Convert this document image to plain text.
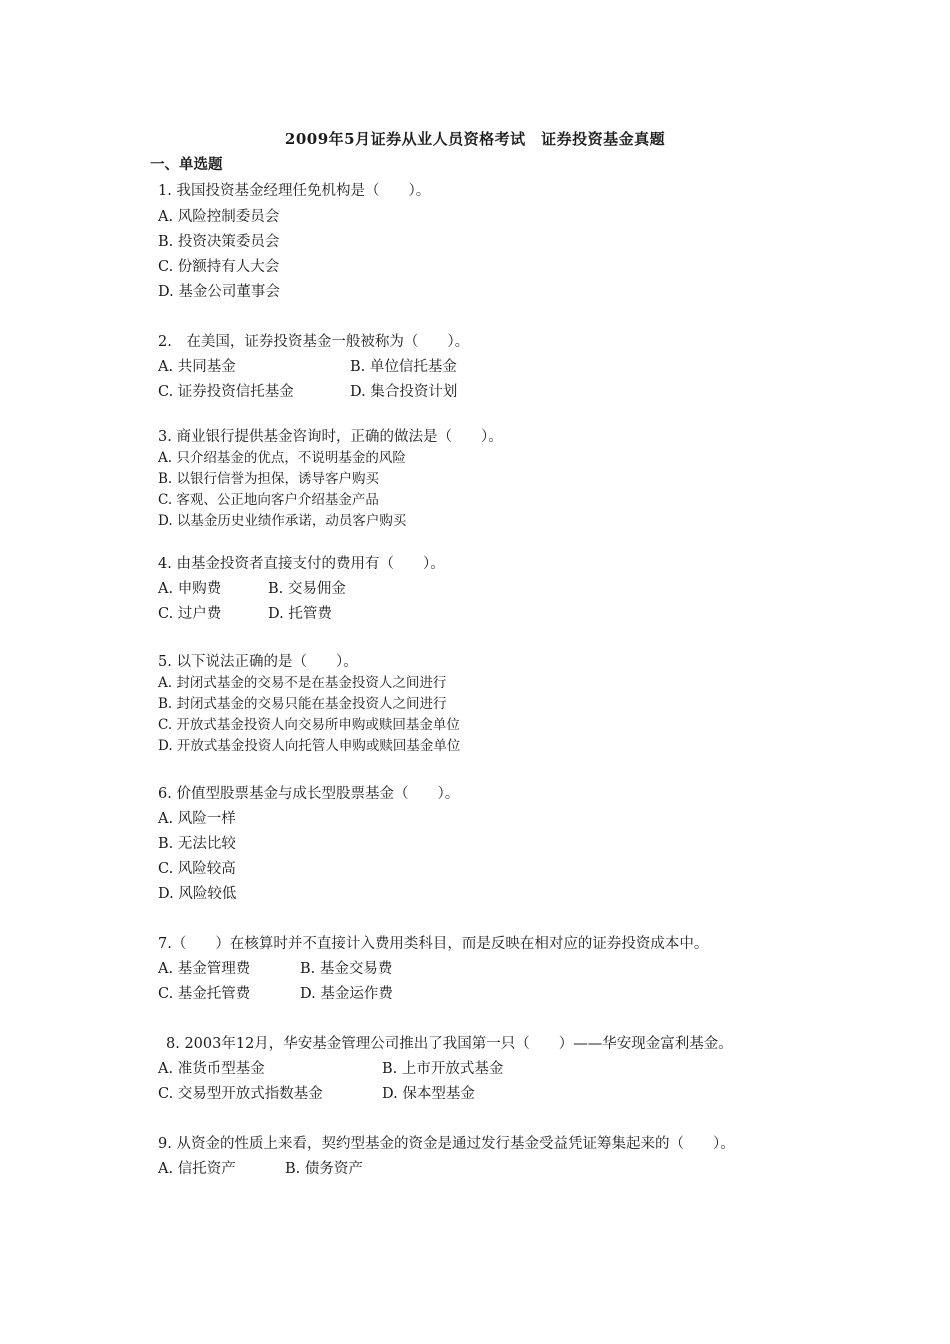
2009年5月证券从业人员资格考试　证券投资基金真题
一、单选题
1. 我国投资基金经理任免机构是（　　）。
A. 风险控制委员会
B. 投资决策委员会
C. 份额持有人大会
D. 基金公司董事会
2.　在美国，证券投资基金一般被称为（　　）。
A. 共同基金	B. 单位信托基金
C. 证券投资信托基金	D. 集合投资计划
3. 商业银行提供基金咨询时，正确的做法是（　　）。
A. 只介绍基金的优点，不说明基金的风险
B. 以银行信誉为担保，诱导客户购买
C. 客观、公正地向客户介绍基金产品
D. 以基金历史业绩作承诺，动员客户购买
4. 由基金投资者直接支付的费用有（　　）。
A. 申购费	B. 交易佣金
C. 过户费	D. 托管费
5. 以下说法正确的是（　　）。
A. 封闭式基金的交易不是在基金投资人之间进行
B. 封闭式基金的交易只能在基金投资人之间进行
C. 开放式基金投资人向交易所申购或赎回基金单位
D. 开放式基金投资人向托管人申购或赎回基金单位
6. 价值型股票基金与成长型股票基金（　　）。
A. 风险一样
B. 无法比较
C. 风险较高
D. 风险较低
7.（　　）在核算时并不直接计入费用类科目，而是反映在相对应的证券投资成本中。
A. 基金管理费	B. 基金交易费
C. 基金托管费	D. 基金运作费
8. 2003年12月，华安基金管理公司推出了我国第一只（　　）——华安现金富利基金。
A. 准货币型基金	B. 上市开放式基金
C. 交易型开放式指数基金	D. 保本型基金
9. 从资金的性质上来看，契约型基金的资金是通过发行基金受益凭证筹集起来的（　　）。
A. 信托资产	B. 债务资产
